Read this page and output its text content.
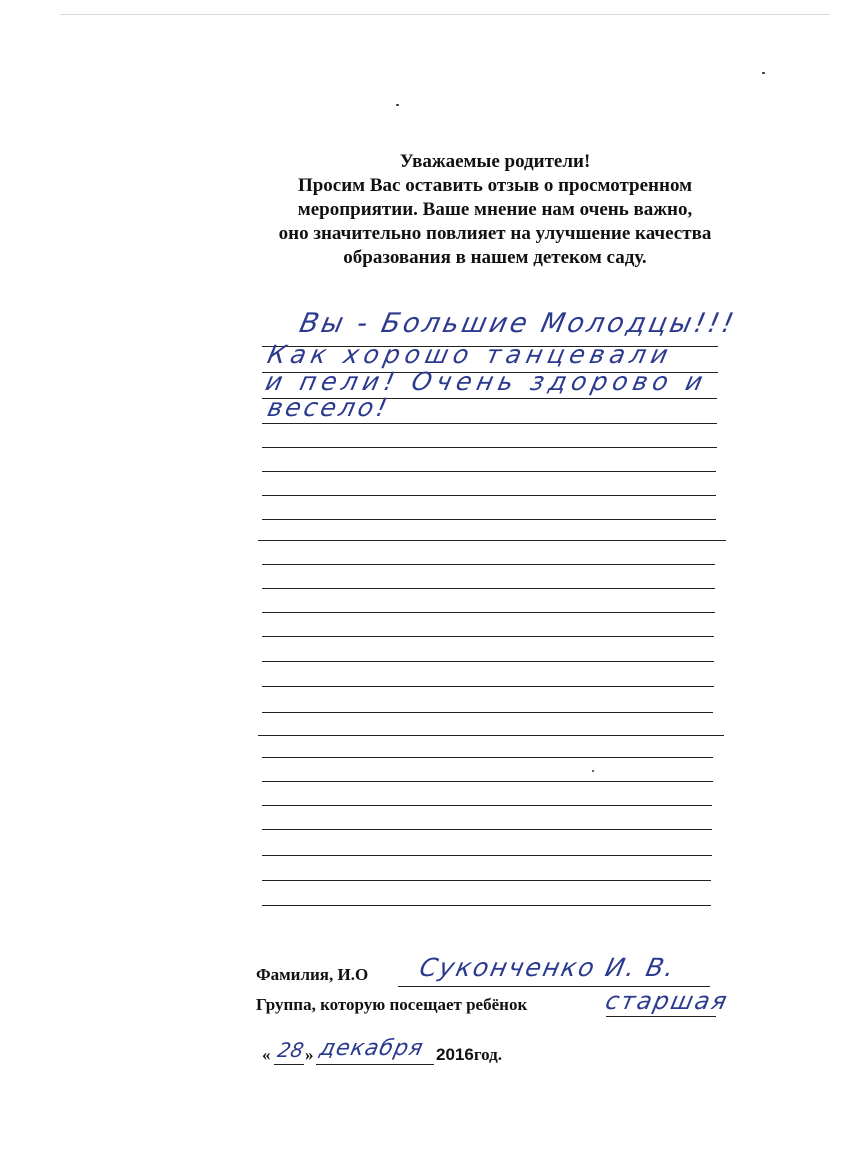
Уважаемые родители!
Просим Вас оставить отзыв о просмотренном
мероприятии. Ваше мнение нам очень важно,
оно значительно повлияет на улучшение качества
образования в нашем детеком саду.
Вы - Большие Молодцы!!!
Как хорошо танцевали
и пели! Очень здорово и
весело!
Фамилия, И.О Суконченко И. В.
Группа, которую посещает ребёнок	старшая
« 28
» декабря 2016год.
